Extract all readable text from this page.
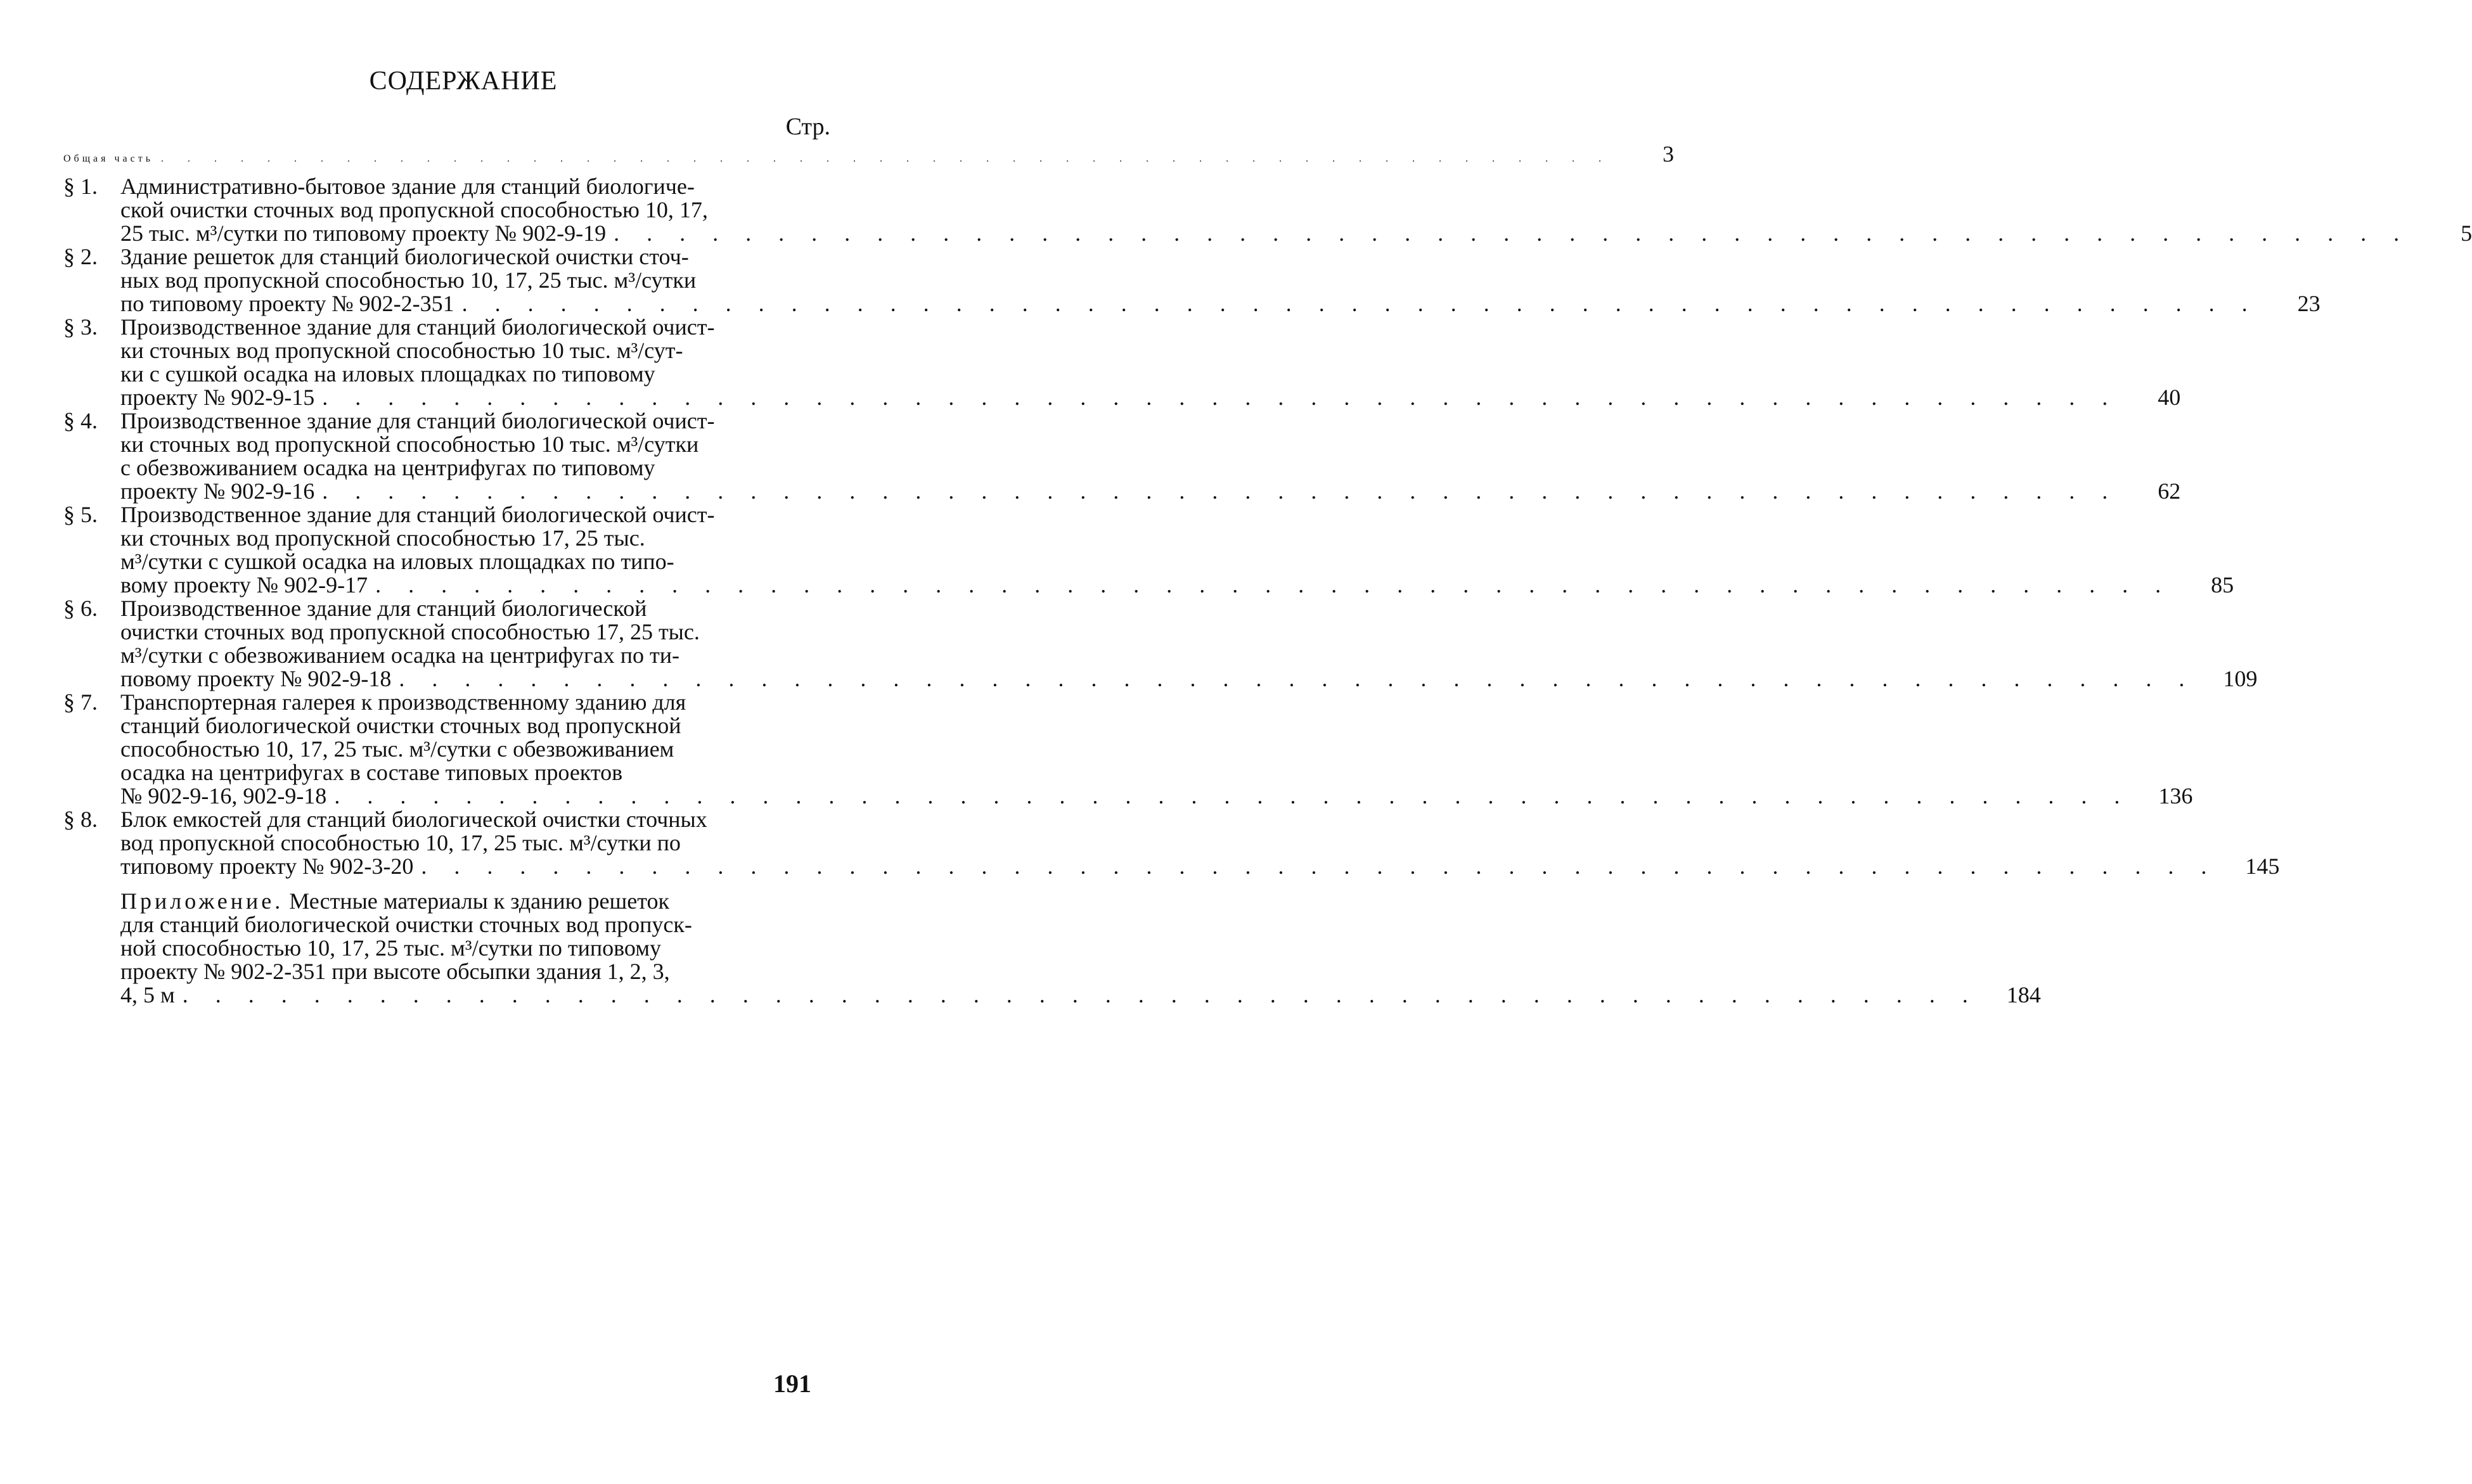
СОДЕРЖАНИЕ
Стр.
Общая часть . . . . . . . . . . . . . . . . . . . . . . . . . . . . . . . . . . . . . . . . . . . . . . . . . . . . . . .	3
§ 1.	Административно-бытовое здание для станций биологиче-
ской очистки сточных вод пропускной способностью 10, 17,
25 тыс. м³/сутки по типовому проекту № 902-9-19 . . . . . . . . . . . . . . . . . . . . . . . . . . . . . . . . . . . . . . . . . . . . . . . . . . . . . . .	5
§ 2.	Здание решеток для станций биологической очистки сточ-
ных вод пропускной способностью 10, 17, 25 тыс. м³/сутки
по типовому проекту № 902-2-351 . . . . . . . . . . . . . . . . . . . . . . . . . . . . . . . . . . . . . . . . . . . . . . . . . . . . . . .	23
§ 3.	Производственное здание для станций биологической очист-
ки сточных вод пропускной способностью 10 тыс. м³/сут-
ки с сушкой осадка на иловых площадках по типовому
проекту № 902-9-15 . . . . . . . . . . . . . . . . . . . . . . . . . . . . . . . . . . . . . . . . . . . . . . . . . . . . . . .	40
§ 4.	Производственное здание для станций биологической очист-
ки сточных вод пропускной способностью 10 тыс. м³/сутки
с обезвоживанием осадка на центрифугах по типовому
проекту № 902-9-16 . . . . . . . . . . . . . . . . . . . . . . . . . . . . . . . . . . . . . . . . . . . . . . . . . . . . . . .	62
§ 5.	Производственное здание для станций биологической очист-
ки сточных вод пропускной способностью 17, 25 тыс.
м³/сутки с сушкой осадка на иловых площадках по типо-
вому проекту № 902-9-17 . . . . . . . . . . . . . . . . . . . . . . . . . . . . . . . . . . . . . . . . . . . . . . . . . . . . . . .	85
§ 6.	Производственное здание для станций биологической
очистки сточных вод пропускной способностью 17, 25 тыс.
м³/сутки с обезвоживанием осадка на центрифугах по ти-
повому проекту № 902-9-18 . . . . . . . . . . . . . . . . . . . . . . . . . . . . . . . . . . . . . . . . . . . . . . . . . . . . . . .	109
§ 7.	Транспортерная галерея к производственному зданию для
станций биологической очистки сточных вод пропускной
способностью 10, 17, 25 тыс. м³/сутки с обезвоживанием
осадка на центрифугах в составе типовых проектов
№ 902-9-16, 902-9-18 . . . . . . . . . . . . . . . . . . . . . . . . . . . . . . . . . . . . . . . . . . . . . . . . . . . . . . .	136
§ 8.	Блок емкостей для станций биологической очистки сточных
вод пропускной способностью 10, 17, 25 тыс. м³/сутки по
типовому проекту № 902-3-20 . . . . . . . . . . . . . . . . . . . . . . . . . . . . . . . . . . . . . . . . . . . . . . . . . . . . . . .	145
Приложение. Местные материалы к зданию решеток
для станций биологической очистки сточных вод пропуск-
ной способностью 10, 17, 25 тыс. м³/сутки по типовому
проекту № 902-2-351 при высоте обсыпки здания 1, 2, 3,
4, 5 м . . . . . . . . . . . . . . . . . . . . . . . . . . . . . . . . . . . . . . . . . . . . . . . . . . . . . . .	184
191
